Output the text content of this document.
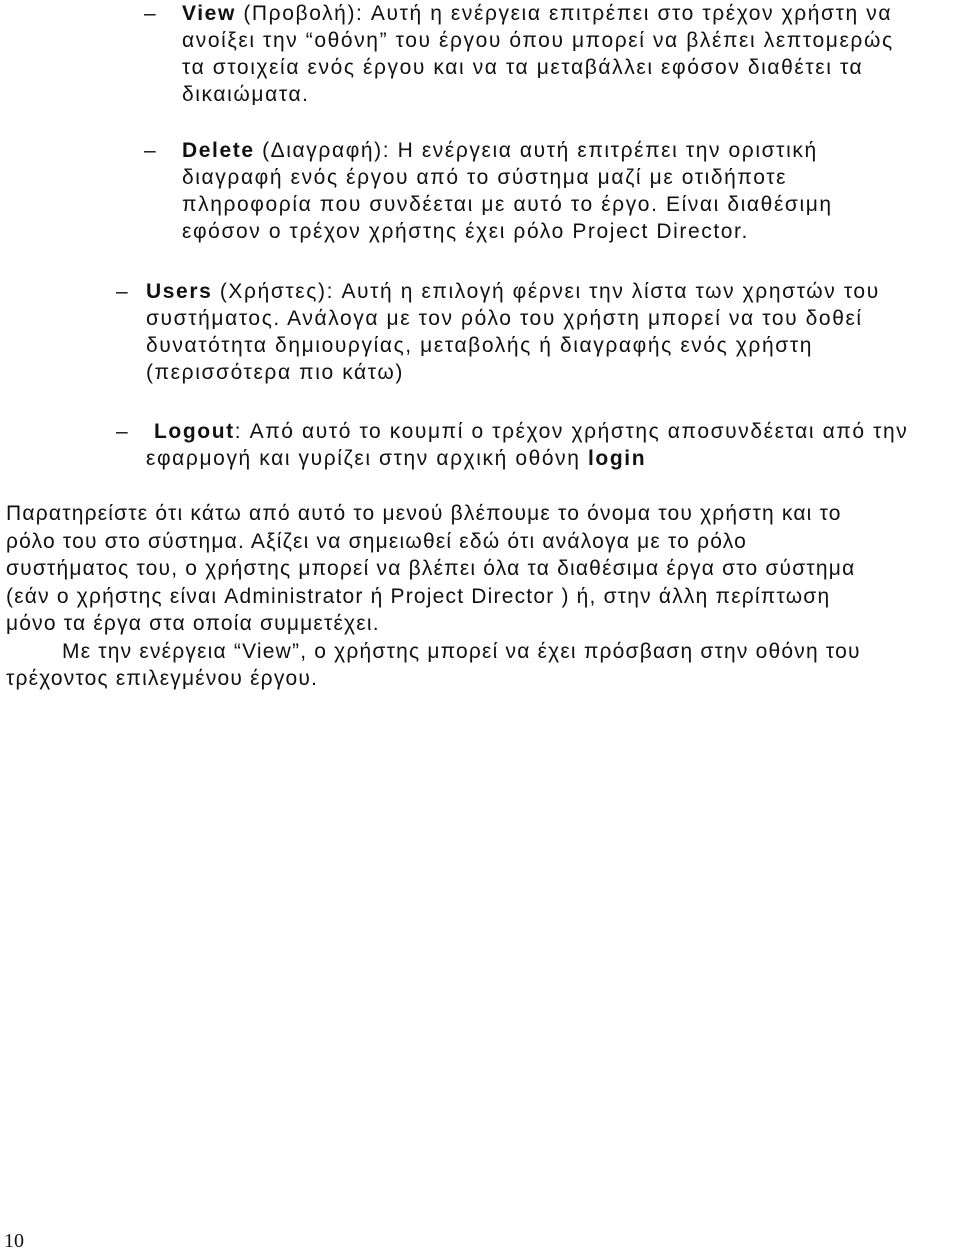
– View (Προβολή): Αυτή η ενέργεια επιτρέπει στο τρέχον χρήστη να
ανοίξει την “οθόνη” του έργου όπου μπορεί να βλέπει λεπτομερώς
τα στοιχεία ενός έργου και να τα μεταβάλλει εφόσον διαθέτει τα
δικαιώματα.
– Delete (Διαγραφή): Η ενέργεια αυτή επιτρέπει την οριστική
διαγραφή ενός έργου από το σύστημα μαζί με οτιδήποτε
πληροφορία που συνδέεται με αυτό το έργο. Είναι διαθέσιμη
εφόσον ο τρέχον χρήστης έχει ρόλο Project Director.
– Users (Χρήστες): Αυτή η επιλογή φέρνει την λίστα των χρηστών του
συστήματος. Ανάλογα με τον ρόλο του χρήστη μπορεί να του δοθεί
δυνατότητα δημιουργίας, μεταβολής ή διαγραφής ενός χρήστη
(περισσότερα πιο κάτω)
–	Logout: Από αυτό το κουμπί ο τρέχον χρήστης αποσυνδέεται από την
εφαρμογή και γυρίζει στην αρχική οθόνη login
Παρατηρείστε ότι κάτω από αυτό το μενού βλέπουμε το όνομα του χρήστη και το
ρόλο του στο σύστημα. Αξίζει να σημειωθεί εδώ ότι ανάλογα με το ρόλο
συστήματος του, ο χρήστης μπορεί να βλέπει όλα τα διαθέσιμα έργα στο σύστημα
(εάν ο χρήστης είναι Administrator ή Project Director ) ή, στην άλλη περίπτωση
μόνο τα έργα στα οποία συμμετέχει.
Με την ενέργεια “View”, ο χρήστης μπορεί να έχει πρόσβαση στην οθόνη του
τρέχοντος επιλεγμένου έργου.
10
